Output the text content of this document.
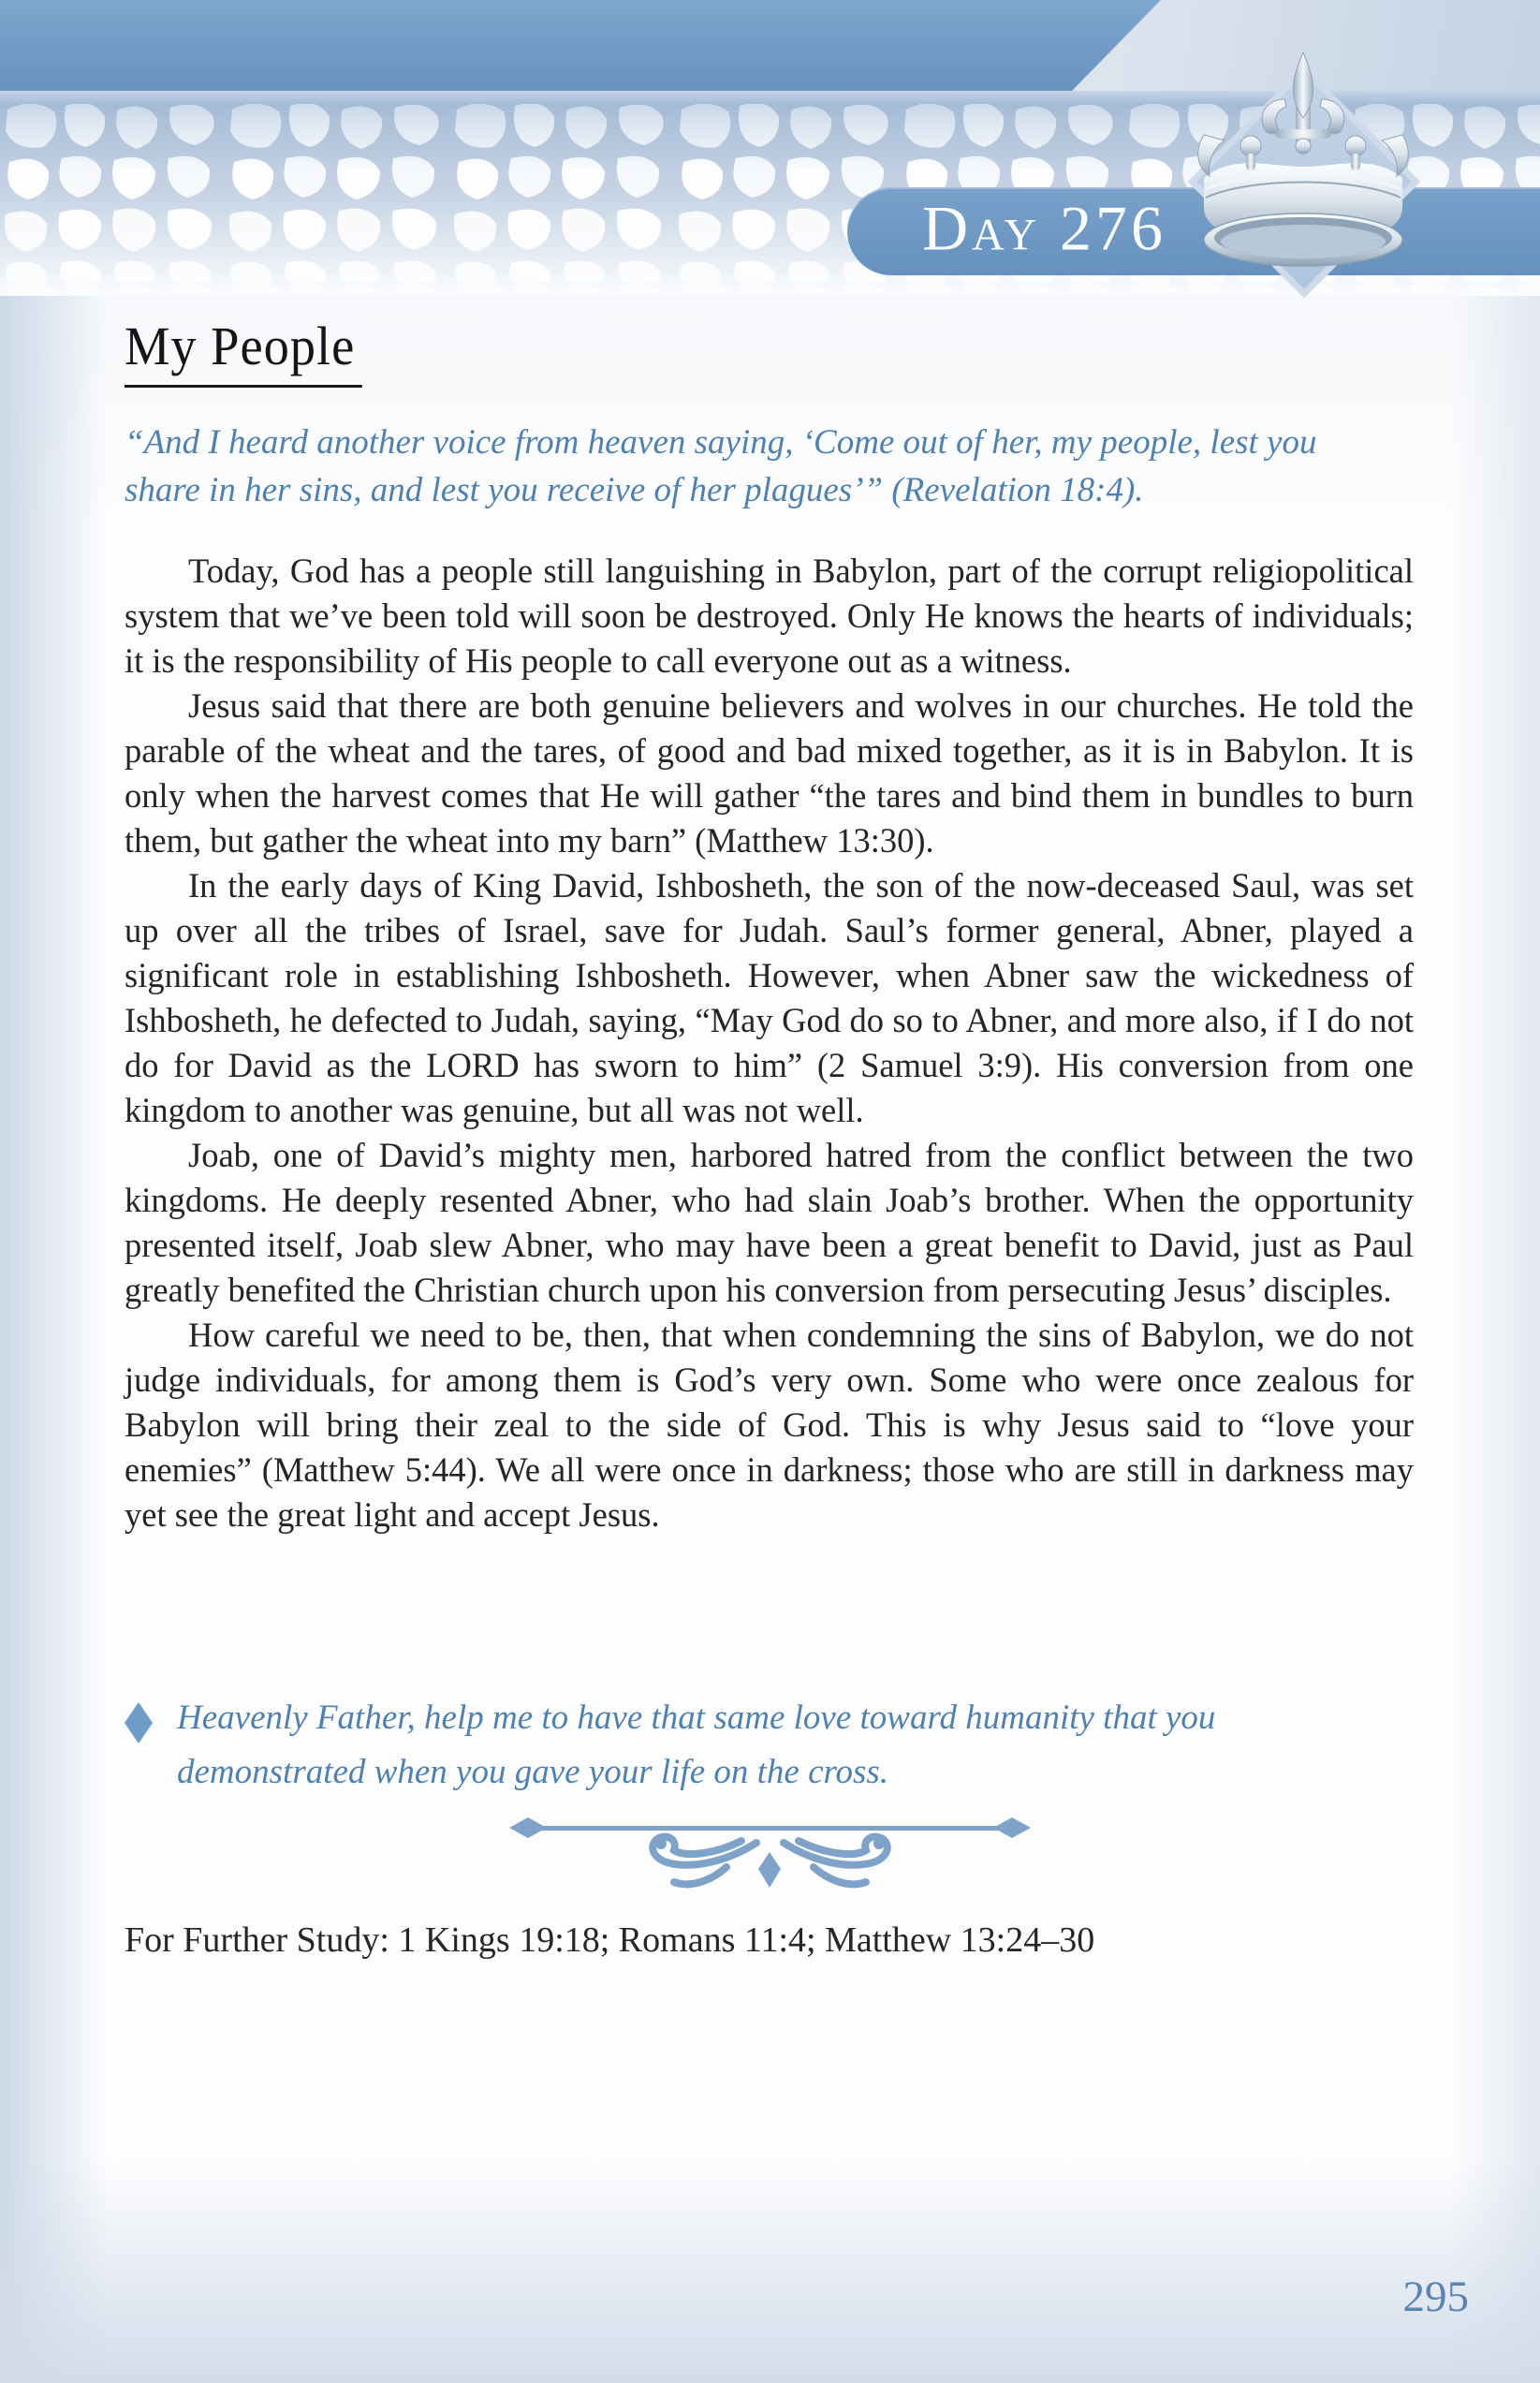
Day 276
My People

“And I heard another voice from heaven saying, ‘Come out of her, my people, lest you share in her sins, and lest you receive of her plagues’” (Revelation 18:4).

Today, God has a people still languishing in Babylon, part of the corrupt religiopolitical system that we’ve been told will soon be destroyed. Only He knows the hearts of individuals; it is the responsibility of His people to call everyone out as a witness.

Jesus said that there are both genuine believers and wolves in our churches. He told the parable of the wheat and the tares, of good and bad mixed together, as it is in Babylon. It is only when the harvest comes that He will gather “the tares and bind them in bundles to burn them, but gather the wheat into my barn” (Matthew 13:30).

In the early days of King David, Ishbosheth, the son of the now-deceased Saul, was set up over all the tribes of Israel, save for Judah. Saul’s former general, Abner, played a significant role in establishing Ishbosheth. However, when Abner saw the wickedness of Ishbosheth, he defected to Judah, saying, “May God do so to Abner, and more also, if I do not do for David as the LORD has sworn to him” (2 Samuel 3:9). His conversion from one kingdom to another was genuine, but all was not well.

Joab, one of David’s mighty men, harbored hatred from the conflict between the two kingdoms. He deeply resented Abner, who had slain Joab’s brother. When the opportunity presented itself, Joab slew Abner, who may have been a great benefit to David, just as Paul greatly benefited the Christian church upon his conversion from persecuting Jesus’ disciples.

How careful we need to be, then, that when condemning the sins of Babylon, we do not judge individuals, for among them is God’s very own. Some who were once zealous for Babylon will bring their zeal to the side of God. This is why Jesus said to “love your enemies” (Matthew 5:44). We all were once in darkness; those who are still in darkness may yet see the great light and accept Jesus.

Heavenly Father, help me to have that same love toward humanity that you demonstrated when you gave your life on the cross.

For Further Study: 1 Kings 19:18; Romans 11:4; Matthew 13:24–30

295
